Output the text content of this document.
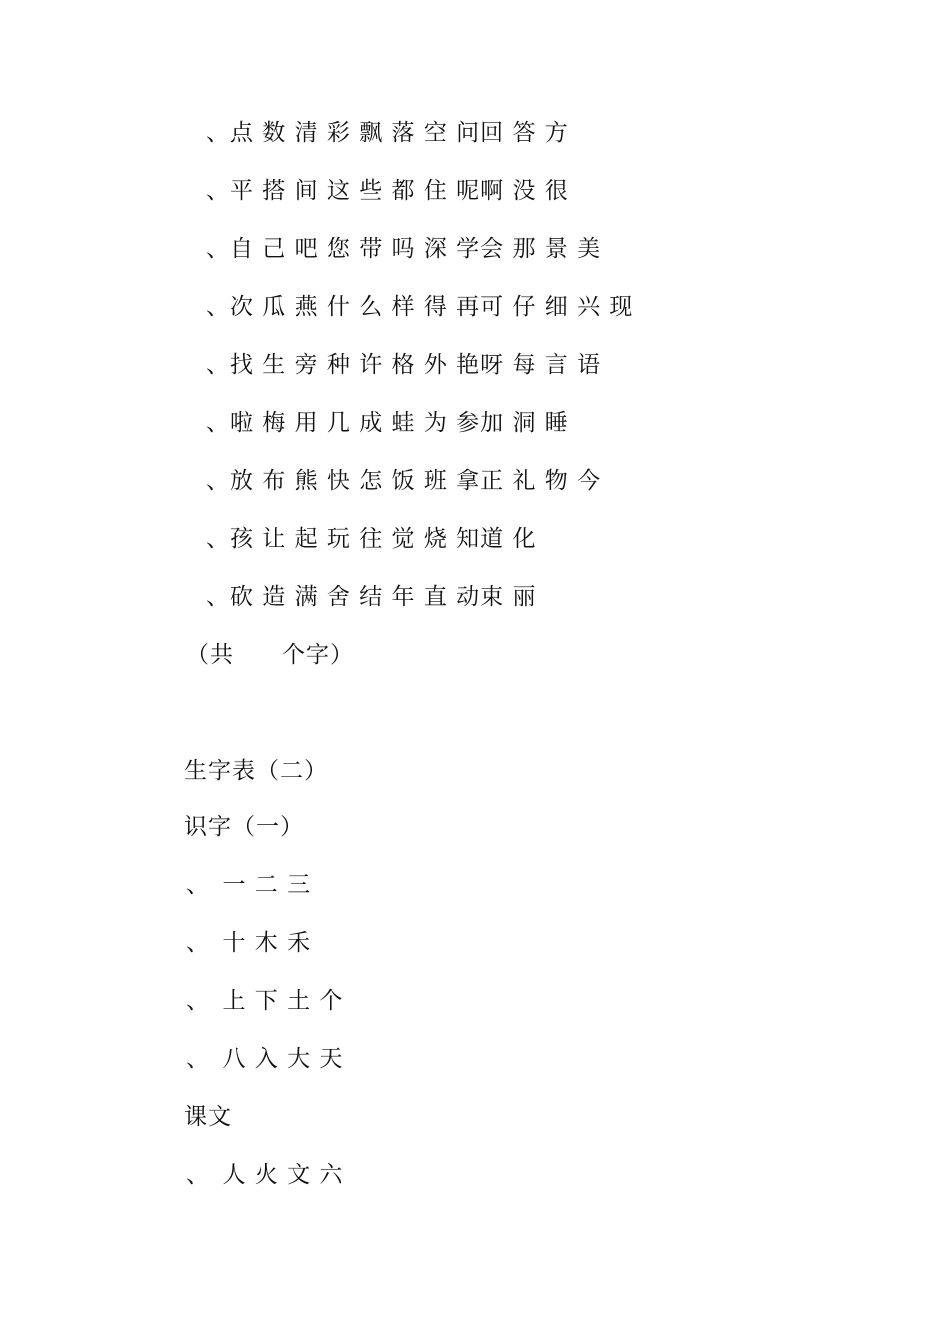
、点 数 清 彩 飘 落 空 问回 答 方
、平 搭 间 这 些 都 住 呢啊 没 很
、自 己 吧 您 带 吗 深 学会 那 景 美
、次 瓜 燕 什 么 样 得 再可 仔 细 兴 现
、找 生 旁 种 许 格 外 艳呀 每 言 语
、啦 梅 用 几 成 蛙 为 参加 洞 睡
、放 布 熊 快 怎 饭 班 拿正 礼 物 今
、孩 让 起 玩 往 觉 烧 知道 化
、砍 造 满 舍 结 年 直 动束 丽
（共　　个字）
生字表（二）
识字（一）
、　一 二 三
、　十 木 禾
、　上 下 土 个
、　八 入 大 天
课文
、　人 火 文 六
